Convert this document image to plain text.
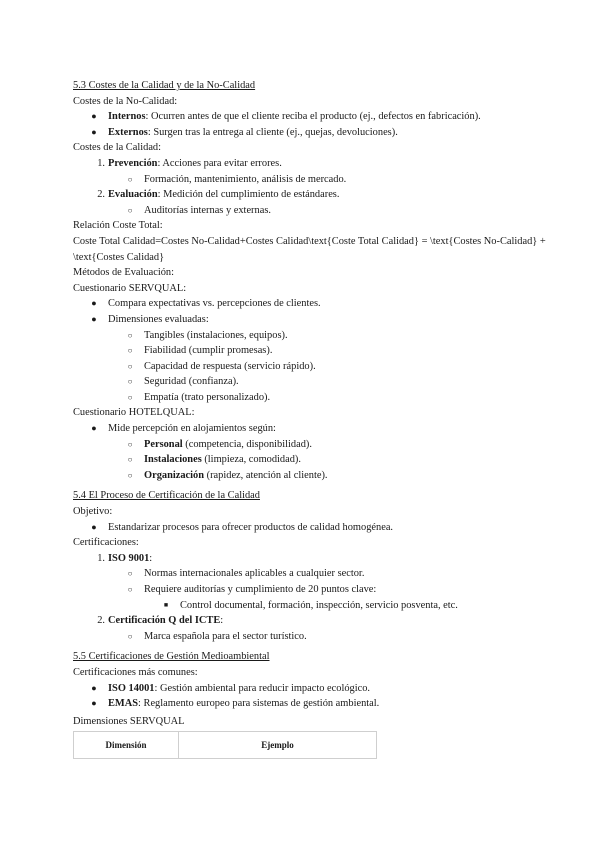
5.3 Costes de la Calidad y de la No-Calidad
Costes de la No-Calidad:
●	Internos: Ocurren antes de que el cliente reciba el producto (ej., defectos en fabricación).
●	Externos: Surgen tras la entrega al cliente (ej., quejas, devoluciones).
Costes de la Calidad:
1. Prevención: Acciones para evitar errores.
○	Formación, mantenimiento, análisis de mercado.
2. Evaluación: Medición del cumplimiento de estándares.
○	Auditorías internas y externas.
Relación Coste Total:
Coste Total Calidad=Costes No-Calidad+Costes Calidad\text{Coste Total Calidad} = \text{Costes No-Calidad} + \text{Costes Calidad}
Métodos de Evaluación:
Cuestionario SERVQUAL:
●	Compara expectativas vs. percepciones de clientes.
●	Dimensiones evaluadas:
○	Tangibles (instalaciones, equipos).
○	Fiabilidad (cumplir promesas).
○	Capacidad de respuesta (servicio rápido).
○	Seguridad (confianza).
○	Empatía (trato personalizado).
Cuestionario HOTELQUAL:
●	Mide percepción en alojamientos según:
○	Personal (competencia, disponibilidad).
○	Instalaciones (limpieza, comodidad).
○	Organización (rapidez, atención al cliente).
5.4 El Proceso de Certificación de la Calidad
Objetivo:
●	Estandarizar procesos para ofrecer productos de calidad homogénea.
Certificaciones:
1. ISO 9001:
○	Normas internacionales aplicables a cualquier sector.
○	Requiere auditorías y cumplimiento de 20 puntos clave:
■	Control documental, formación, inspección, servicio posventa, etc.
2. Certificación Q del ICTE:
○	Marca española para el sector turístico.
5.5 Certificaciones de Gestión Medioambiental
Certificaciones más comunes:
●	ISO 14001: Gestión ambiental para reducir impacto ecológico.
●	EMAS: Reglamento europeo para sistemas de gestión ambiental.
Dimensiones SERVQUAL
Dimensión	Ejemplo
